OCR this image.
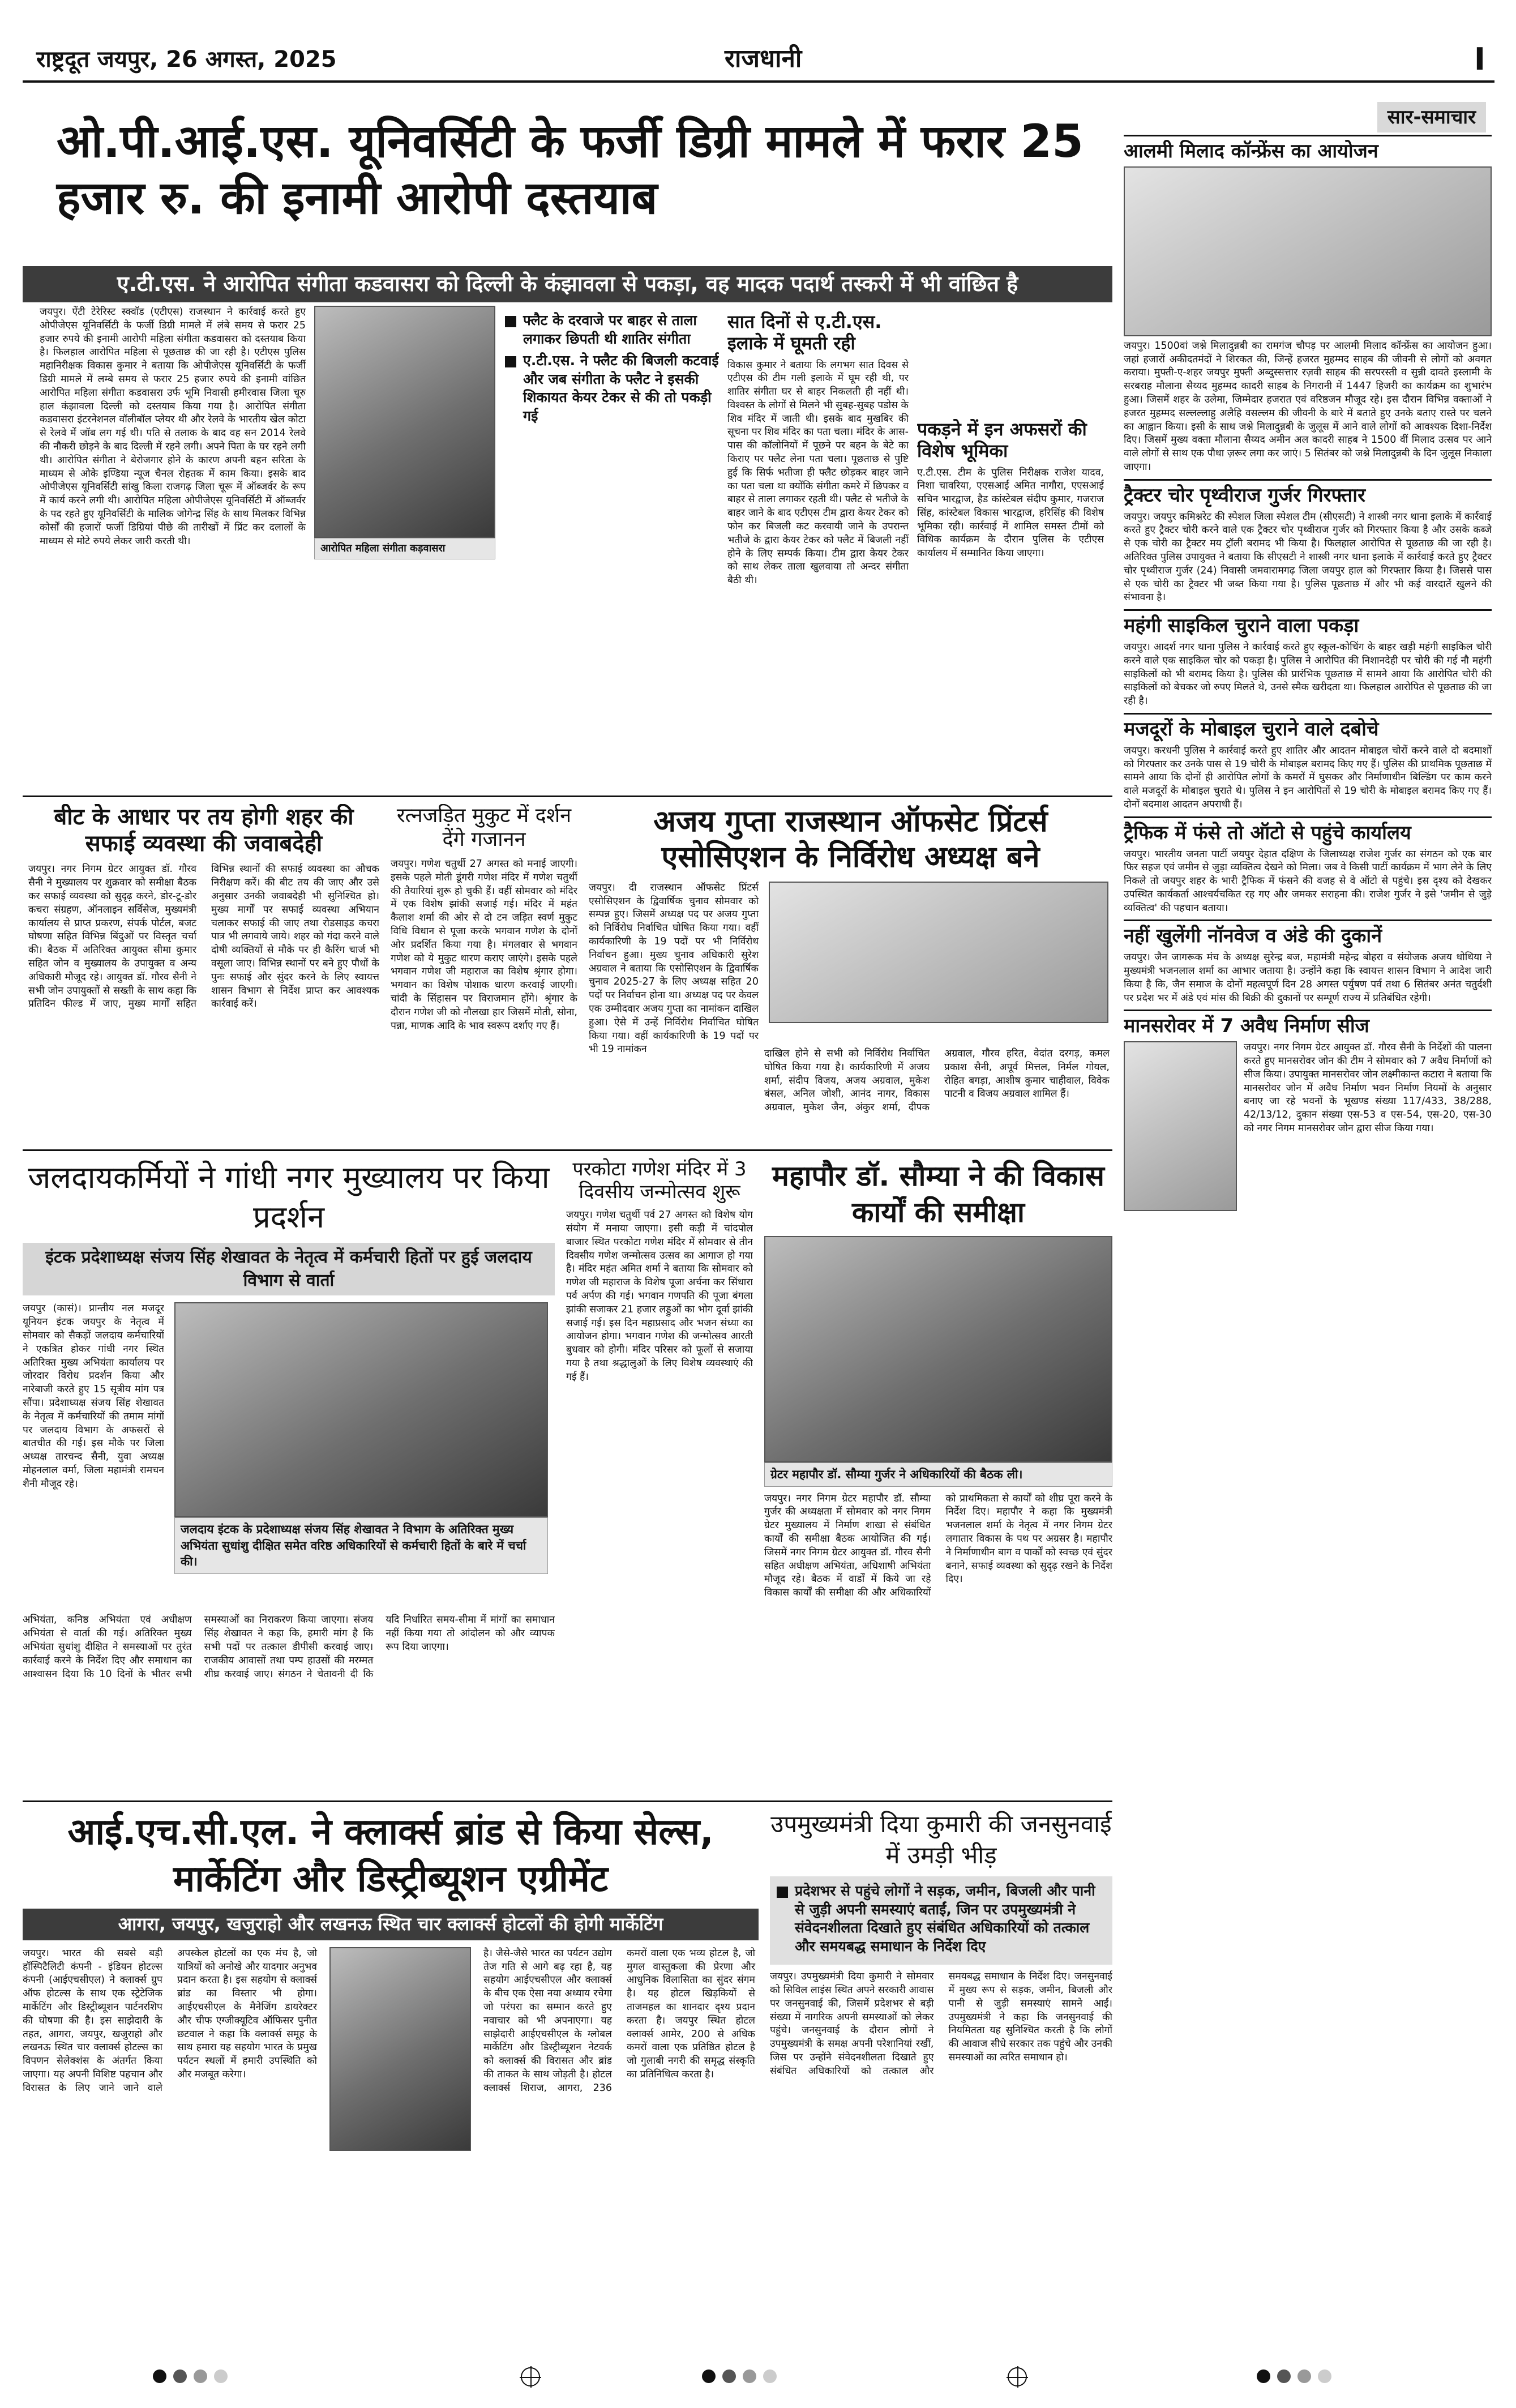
राष्ट्रदूत जयपुर, 26 अगस्त, 2025	राजधानी	I
ओ.पी.आई.एस. यूनिवर्सिटी के फर्जी डिग्री मामले में फरार 25 हजार रु. की इनामी आरोपी दस्तयाब
ए.टी.एस. ने आरोपित संगीता कडवासरा को दिल्ली के कंझावला से पकड़ा, वह मादक पदार्थ तस्करी में भी वांछित है
जयपुर। ऐंटी टेरेरिस्ट स्क्वॉड (एटीएस) राजस्थान ने कार्रवाई करते हुए ओपीजेएस यूनिवर्सिटी के फर्जी डिग्री मामले में लंबे समय से फरार 25 हजार रुपये की इनामी आरोपी महिला संगीता कडवासरा को दस्तयाब किया है। फिलहाल आरोपित महिला से पूछताछ की जा रही है। एटीएस पुलिस महानिरीक्षक विकास कुमार ने बताया कि ओपीजेएस यूनिवर्सिटी के फर्जी डिग्री मामले में लम्बे समय से फरार 25 हजार रुपये की इनामी वांछित आरोपित महिला संगीता कडवासरा उर्फ भूमि निवासी हमीरवास जिला चूरु हाल कंझावला दिल्ली को दस्तयाब किया गया है। आरोपित संगीता कडवासरा इंटरनेशनल वॉलीबॉल प्लेयर थी और रेलवे के भारतीय खेल कोटा से रेलवे में जॉब लग गई थी। पति से तलाक के बाद वह सन 2014 रेलवे की नौकरी छोड़ने के बाद दिल्ली में रहने लगी। अपने पिता के घर रहने लगी थी। आरोपित संगीता ने बेरोजगार होने के कारण अपनी बहन सरिता के माध्यम से ओके इण्डिया न्यूज चैनल रोहतक में काम किया। इसके बाद ओपीजेएस यूनिवर्सिटी सांखु किला राजगढ़ जिला चूरू में ऑब्जर्वर के रूप में कार्य करने लगी थी। आरोपित महिला ओपीजेएस यूनिवर्सिटी में ऑब्जर्वर के पद रहते हुए यूनिवर्सिटी के मालिक जोगेन्द्र सिंह के साथ मिलकर विभिन्न कोर्सों की हजारों फर्जी डिग्रियां पीछे की तारीखों में प्रिंट कर दलालों के माध्यम से मोटे रुपये लेकर जारी करती थी।
आरोपित महिला संगीता कड़वासरा
फ्लैट के दरवाजे पर बाहर से ताला लगाकर छिपती थी शातिर संगीता
ए.टी.एस. ने फ्लैट की बिजली कटवाई और जब संगीता के फ्लैट ने इसकी शिकायत केयर टेकर से की तो पकड़ी गई
सात दिनों से ए.टी.एस. इलाके में घूमती रही
विकास कुमार ने बताया कि लगभग सात दिवस से एटीएस की टीम गली इलाके में घूम रही थी, पर शातिर संगीता घर से बाहर निकलती ही नहीं थी। विश्वस्त के लोगों से मिलने भी सुबह-सुबह पडोस के शिव मंदिर में जाती थी। इसके बाद मुखबिर की सूचना पर शिव मंदिर का पता चला। मंदिर के आस-पास की कॉलोनियों में पूछने पर बहन के बेटे का किराए पर फ्लैट लेना पता चला। पूछताछ से पुष्टि हुई कि सिर्फ भतीजा ही फ्लैट छोड़कर बाहर जाने का पता चला था क्योंकि संगीता कमरे में छिपकर व बाहर से ताला लगाकर रहती थी। फ्लैट से भतीजे के बाहर जाने के बाद एटीएस टीम द्वारा केयर टेकर को फोन कर बिजली कट करवायी जाने के उपरान्त भतीजे के द्वारा केयर टेकर को फ्लैट में बिजली नहीं होने के लिए सम्पर्क किया। टीम द्वारा केयर टेकर को साथ लेकर ताला खुलवाया तो अन्दर संगीता बैठी थी।
पकड़ने में इन अफसरों की विशेष भूमिका
ए.टी.एस. टीम के पुलिस निरीक्षक राजेश यादव, निशा चावरिया, एएसआई अमित नागौरा, एएसआई सचिन भारद्वाज, हैड कांस्टेबल संदीप कुमार, गजराज सिंह, कांस्टेबल विकास भारद्वाज, हरिसिंह की विशेष भूमिका रही। कार्रवाई में शामिल समस्त टीमों को विधिक कार्यक्रम के दौरान पुलिस के एटीएस कार्यालय में सम्मानित किया जाएगा।
सार-समाचार
आलमी मिलाद कॉन्फ्रेंस का आयोजन
जयपुर। 1500वां जश्ने मिलादुन्नबी का रामगंज चौपड़ पर आलमी मिलाद कॉन्फ्रेंस का आयोजन हुआ। जहां हजारों अकीदतमंदों ने शिरकत की, जिन्हें हजरत मुहम्मद साहब की जीवनी से लोगों को अवगत कराया। मुफ्ती-ए-शहर जयपुर मुफ्ती अब्दुस्सत्तार रज़वी साहब की सरपरस्ती व सुन्नी दावते इस्लामी के सरबराह मौलाना सैय्यद मुहम्मद कादरी साहब के निगरानी में 1447 हिजरी का कार्यक्रम का शुभारंभ हुआ। जिसमें शहर के उलेमा, जिम्मेदार हजरात एवं वरिष्ठजन मौजूद रहे। इस दौरान विभिन्न वक्ताओं ने हजरत मुहम्मद सल्लल्लाहु अलैहि वसल्लम की जीवनी के बारे में बताते हुए उनके बताए रास्ते पर चलने का आह्वान किया। इसी के साथ जश्ने मिलादुन्नबी के जुलूस में आने वाले लोगों को आवश्यक दिशा-निर्देश दिए। जिसमें मुख्य वक्ता मौलाना सैय्यद अमीन अल कादरी साहब ने 1500 वीं मिलाद उत्सव पर आने वाले लोगों से साथ एक पौधा ज़रूर लगा कर जाएं। 5 सितंबर को जश्ने मिलादुन्नबी के दिन जुलूस निकाला जाएगा।
ट्रैक्टर चोर पृथ्वीराज गुर्जर गिरफ्तार
जयपुर। जयपुर कमिश्नरेट की स्पेशल जिला स्पेशल टीम (सीएसटी) ने शास्त्री नगर थाना इलाके में कार्रवाई करते हुए ट्रैक्टर चोरी करने वाले एक ट्रैक्टर चोर पृथ्वीराज गुर्जर को गिरफ्तार किया है और उसके कब्जे से एक चोरी का ट्रैक्टर मय ट्रॉली बरामद भी किया है। फिलहाल आरोपित से पूछताछ की जा रही है। अतिरिक्त पुलिस उपायुक्त ने बताया कि सीएसटी ने शास्त्री नगर थाना इलाके में कार्रवाई करते हुए ट्रैक्टर चोर पृथ्वीराज गुर्जर (24) निवासी जमवारामगढ़ जिला जयपुर हाल को गिरफ्तार किया है। जिससे पास से एक चोरी का ट्रैक्टर भी जब्त किया गया है। पुलिस पूछताछ में और भी कई वारदातें खुलने की संभावना है।
महंगी साइकिल चुराने वाला पकड़ा
जयपुर। आदर्श नगर थाना पुलिस ने कार्रवाई करते हुए स्कूल-कोचिंग के बाहर खड़ी महंगी साइकिल चोरी करने वाले एक साइकिल चोर को पकड़ा है। पुलिस ने आरोपित की निशानदेही पर चोरी की गई नौ महंगी साइकिलों को भी बरामद किया है। पुलिस की प्रारंभिक पूछताछ में सामने आया कि आरोपित चोरी की साइकिलों को बेचकर जो रुपए मिलते थे, उनसे स्मैक खरीदता था। फिलहाल आरोपित से पूछताछ की जा रही है।
मजदूरों के मोबाइल चुराने वाले दबोचे
जयपुर। करधनी पुलिस ने कार्रवाई करते हुए शातिर और आदतन मोबाइल चोरों करने वाले दो बदमाशों को गिरफ्तार कर उनके पास से 19 चोरी के मोबाइल बरामद किए गए हैं। पुलिस की प्राथमिक पूछताछ में सामने आया कि दोनों ही आरोपित लोगों के कमरों में घुसकर और निर्माणाधीन बिल्डिंग पर काम करने वाले मजदूरों के मोबाइल चुराते थे। पुलिस ने इन आरोपितों से 19 चोरी के मोबाइल बरामद किए गए हैं। दोनों बदमाश आदतन अपराधी हैं।
ट्रैफिक में फंसे तो ऑटो से पहुंचे कार्यालय
जयपुर। भारतीय जनता पार्टी जयपुर देहात दक्षिण के जिलाध्यक्ष राजेश गुर्जर का संगठन को एक बार फिर सहज एवं जमीन से जुड़ा व्यक्तित्व देखने को मिला। जब वे किसी पार्टी कार्यक्रम में भाग लेने के लिए निकले तो जयपुर शहर के भारी ट्रैफिक में फंसने की वजह से वे ऑटो से पहुंचे। इस दृश्य को देखकर उपस्थित कार्यकर्ता आश्चर्यचकित रह गए और जमकर सराहना की। राजेश गुर्जर ने इसे 'जमीन से जुड़े व्यक्तित्व' की पहचान बताया।
नहीं खुलेंगी नॉनवेज व अंडे की दुकानें
जयपुर। जैन जागरूक मंच के अध्यक्ष सुरेन्द्र बज, महामंत्री महेन्द्र बोहरा व संयोजक अजय धोधिया ने मुख्यमंत्री भजनलाल शर्मा का आभार जताया है। उन्होंने कहा कि स्वायत्त शासन विभाग ने आदेश जारी किया है कि, जैन समाज के दोनों महत्वपूर्ण दिन 28 अगस्त पर्युषण पर्व तथा 6 सितंबर अनंत चतुर्दशी पर प्रदेश भर में अंडे एवं मांस की बिक्री की दुकानों पर सम्पूर्ण राज्य में प्रतिबंधित रहेगी।
मानसरोवर में 7 अवैध निर्माण सीज
जयपुर। नगर निगम ग्रेटर आयुक्त डॉ. गौरव सैनी के निर्देशों की पालना करते हुए मानसरोवर जोन की टीम ने सोमवार को 7 अवैध निर्माणों को सीज किया। उपायुक्त मानसरोवर जोन लक्ष्मीकान्त कटारा ने बताया कि मानसरोवर जोन में अवैध निर्माण भवन निर्माण नियमों के अनुसार बनाए जा रहे भवनों के भूखण्ड संख्या 117/433, 38/288, 42/13/12, दुकान संख्या एस-53 व एस-54, एस-20, एस-30 को नगर निगम मानसरोवर जोन द्वारा सीज किया गया।
बीट के आधार पर तय होगी शहर की सफाई व्यवस्था की जवाबदेही
जयपुर। नगर निगम ग्रेटर आयुक्त डॉ. गौरव सैनी ने मुख्यालय पर शुक्रवार को समीक्षा बैठक कर सफाई व्यवस्था को सुदृढ़ करने, डोर-टू-डोर कचरा संग्रहण, ऑनलाइन सर्विसेज, मुख्यमंत्री कार्यालय से प्राप्त प्रकरण, संपर्क पोर्टल, बजट घोषणा सहित विभिन्न बिंदुओं पर विस्तृत चर्चा की। बैठक में अतिरिक्त आयुक्त सीमा कुमार सहित जोन व मुख्यालय के उपायुक्त व अन्य अधिकारी मौजूद रहे। आयुक्त डॉ. गौरव सैनी ने सभी जोन उपायुक्तों से सख्ती के साथ कहा कि प्रतिदिन फील्ड में जाए, मुख्य मार्गों सहित विभिन्न स्थानों की सफाई व्यवस्था का औचक निरीक्षण करें। की बीट तय की जाए और उसे अनुसार उनकी जवाबदेही भी सुनिश्चित हो। मुख्य मार्गों पर सफाई व्यवस्था अभियान चलाकर सफाई की जाए तथा रोडसाइड कचरा पात्र भी लगवाये जाये। शहर को गंदा करने वाले दोषी व्यक्तियों से मौके पर ही कैरिंग चार्ज भी वसूला जाए। विभिन्न स्थानों पर बने हुए पौधों के पुनः सफाई और सुंदर करने के लिए स्वायत्त शासन विभाग से निर्देश प्राप्त कर आवश्यक कार्रवाई करें।
रत्नजड़ित मुकुट में दर्शन देंगे गजानन
जयपुर। गणेश चतुर्थी 27 अगस्त को मनाई जाएगी। इसके पहले मोती डूंगरी गणेश मंदिर में गणेश चतुर्थी की तैयारियां शुरू हो चुकी हैं। वहीं सोमवार को मंदिर में एक विशेष झांकी सजाई गई। मंदिर में महंत कैलाश शर्मा की ओर से दो टन जड़ित स्वर्ण मुकुट विधि विधान से पूजा करके भगवान गणेश के दोनों ओर प्रदर्शित किया गया है। मंगलवार से भगवान गणेश को ये मुकुट धारण कराए जाएंगे। इसके पहले भगवान गणेश जी महाराज का विशेष श्रृंगार होगा। भगवान का विशेष पोशाक धारण करवाई जाएगी। चांदी के सिंहासन पर विराजमान होंगे। श्रृंगार के दौरान गणेश जी को नौलखा हार जिसमें मोती, सोना, पन्ना, माणक आदि के भाव स्वरूप दर्शाए गए हैं।
अजय गुप्ता राजस्थान ऑफसेट प्रिंटर्स एसोसिएशन के निर्विरोध अध्यक्ष बने
जयपुर। दी राजस्थान ऑफसेट प्रिंटर्स एसोसिएशन के द्विवार्षिक चुनाव सोमवार को सम्पन्न हुए। जिसमें अध्यक्ष पद पर अजय गुप्ता को निर्विरोध निर्वाचित घोषित किया गया। वहीं कार्यकारिणी के 19 पदों पर भी निर्विरोध निर्वाचन हुआ। मुख्य चुनाव अधिकारी सुरेश अग्रवाल ने बताया कि एसोसिएशन के द्विवार्षिक चुनाव 2025-27 के लिए अध्यक्ष सहित 20 पदों पर निर्वाचन होना था। अध्यक्ष पद पर केवल एक उम्मीदवार अजय गुप्ता का नामांकन दाखिल हुआ। ऐसे में उन्हें निर्विरोध निर्वाचित घोषित किया गया। वहीं कार्यकारिणी के 19 पदों पर भी 19 नामांकन	दाखिल होने से सभी को निर्विरोध निर्वाचित घोषित किया गया है। कार्यकारिणी में अजय शर्मा, संदीप विजय, अजय अग्रवाल, मुकेश बंसल, अनिल जोशी, आनंद नागर, विकास अग्रवाल, मुकेश जैन, अंकुर शर्मा, दीपक अग्रवाल, गौरव हरित, वेदांत दरगड़, कमल प्रकाश सैनी, अपूर्व मित्तल, निर्मल गोयल, रोहित बगड़ा, आशीष कुमार चाहीवाल, विवेक पाटनी व विजय अग्रवाल शामिल हैं।
जलदायकर्मियों ने गांधी नगर मुख्यालय पर किया प्रदर्शन
इंटक प्रदेशाध्यक्ष संजय सिंह शेखावत के नेतृत्व में कर्मचारी हितों पर हुई जलदाय विभाग से वार्ता
जयपुर (कासं)। प्रान्तीय नल मजदूर यूनियन इंटक जयपुर के नेतृत्व में सोमवार को सैकड़ों जलदाय कर्मचारियों ने एकत्रित होकर गांधी नगर स्थित अतिरिक्त मुख्य अभियंता कार्यालय पर जोरदार विरोध प्रदर्शन किया और नारेबाजी करते हुए 15 सूत्रीय मांग पत्र सौंपा। प्रदेशाध्यक्ष संजय सिंह शेखावत के नेतृत्व में कर्मचारियों की तमाम मांगों पर जलदाय विभाग के अफसरों से बातचीत की गई। इस मौके पर जिला अध्यक्ष तारचन्द सैनी, युवा अध्यक्ष मोहनलाल वर्मा, जिला महामंत्री रामचन शैनी मौजूद रहे।
जलदाय इंटक के प्रदेशाध्यक्ष संजय सिंह शेखावत ने विभाग के अतिरिक्त मुख्य अभियंता सुधांशु दीक्षित समेत वरिष्ठ अधिकारियों से कर्मचारी हितों के बारे में चर्चा की।
अभियंता, कनिष्ठ अभियंता एवं अधीक्षण अभियंता से वार्ता की गई। अतिरिक्त मुख्य अभियंता सुधांशु दीक्षित ने समस्याओं पर तुरंत कार्रवाई करने के निर्देश दिए और समाधान का आश्वासन दिया कि 10 दिनों के भीतर सभी समस्याओं का निराकरण किया जाएगा। संजय सिंह शेखावत ने कहा कि, हमारी मांग है कि सभी पदों पर तत्काल डीपीसी करवाई जाए। राजकीय आवासों तथा पम्प हाउसों की मरम्मत शीघ्र करवाई जाए। संगठन ने चेतावनी दी कि यदि निर्धारित समय-सीमा में मांगों का समाधान नहीं किया गया तो आंदोलन को और व्यापक रूप दिया जाएगा।
परकोटा गणेश मंदिर में 3 दिवसीय जन्मोत्सव शुरू
जयपुर। गणेश चतुर्थी पर्व 27 अगस्त को विशेष योग संयोग में मनाया जाएगा। इसी कड़ी में चांदपोल बाजार स्थित परकोटा गणेश मंदिर में सोमवार से तीन दिवसीय गणेश जन्मोत्सव उत्सव का आगाज हो गया है। मंदिर महंत अमित शर्मा ने बताया कि सोमवार को गणेश जी महाराज के विशेष पूजा अर्चना कर सिंधारा पर्व अर्पण की गई। भगवान गणपति की पूजा बंगला झांकी सजाकर 21 हजार लड्डुओं का भोग दूर्वा झांकी सजाई गई। इस दिन महाप्रसाद और भजन संध्या का आयोजन होगा। भगवान गणेश की जन्मोत्सव आरती बुधवार को होगी। मंदिर परिसर को फूलों से सजाया गया है तथा श्रद्धालुओं के लिए विशेष व्यवस्थाएं की गई हैं।
महापौर डॉ. सौम्या ने की विकास कार्यों की समीक्षा
ग्रेटर महापौर डॉ. सौम्या गुर्जर ने अधिकारियों की बैठक ली।
जयपुर। नगर निगम ग्रेटर महापौर डॉ. सौम्या गुर्जर की अध्यक्षता में सोमवार को नगर निगम ग्रेटर मुख्यालय में निर्माण शाखा से संबंधित कार्यों की समीक्षा बैठक आयोजित की गई। जिसमें नगर निगम ग्रेटर आयुक्त डॉ. गौरव सैनी सहित अधीक्षण अभियंता, अधिशाषी अभियंता मौजूद रहे। बैठक में वार्डों में किये जा रहे विकास कार्यों की समीक्षा की और अधिकारियों को प्राथमिकता से कार्यों को शीघ्र पूरा करने के निर्देश दिए। महापौर ने कहा कि मुख्यमंत्री भजनलाल शर्मा के नेतृत्व में नगर निगम ग्रेटर लगातार विकास के पथ पर अग्रसर है। महापौर ने निर्माणाधीन बाग व पार्कों को स्वच्छ एवं सुंदर बनाने, सफाई व्यवस्था को सुदृढ़ रखने के निर्देश दिए।
आई.एच.सी.एल. ने क्लार्क्स ब्रांड से किया सेल्स, मार्केटिंग और डिस्ट्रीब्यूशन एग्रीमेंट
आगरा, जयपुर, खजुराहो और लखनऊ स्थित चार क्लार्क्स होटलों की होगी मार्केटिंग
जयपुर। भारत की सबसे बड़ी हॉस्पिटैलिटी कंपनी - इंडियन होटल्स कंपनी (आईएचसीएल) ने क्लार्क्स ग्रुप ऑफ होटल्स के साथ एक स्ट्रेटेजिक मार्केटिंग और डिस्ट्रीब्यूशन पार्टनरशिप की घोषणा की है। इस साझेदारी के तहत, आगरा, जयपुर, खजुराहो और लखनऊ स्थित चार क्लार्क्स होटल्स का विपणन सेलेक्शंस के अंतर्गत किया जाएगा। यह अपनी विशिष्ट पहचान और विरासत के लिए जाने जाने वाले अपस्केल होटलों का एक मंच है, जो यात्रियों को अनोखे और यादगार अनुभव प्रदान करता है। इस सहयोग से क्लार्क्स ब्रांड का विस्तार भी होगा। आईएचसीएल के मैनेजिंग डायरेक्टर और चीफ एग्जीक्यूटिव ऑफिसर पुनीत छटवाल ने कहा कि क्लार्क्स समूह के साथ हमारा यह सहयोग भारत के प्रमुख पर्यटन स्थलों में हमारी उपस्थिति को और मजबूत करेगा।
है। जैसे-जैसे भारत का पर्यटन उद्योग तेज गति से आगे बढ़ रहा है, यह सहयोग आईएचसीएल और क्लार्क्स के बीच एक ऐसा नया अध्याय रचेगा जो परंपरा का सम्मान करते हुए नवाचार को भी अपनाएगा। यह साझेदारी आईएचसीएल के ग्लोबल मार्केटिंग और डिस्ट्रीब्यूशन नेटवर्क को क्लार्क्स की विरासत और ब्रांड की ताकत के साथ जोड़ती है। होटल क्लार्क्स शिराज, आगरा, 236 कमरों वाला एक भव्य होटल है, जो मुगल वास्तुकला की प्रेरणा और आधुनिक विलासिता का सुंदर संगम है। यह होटल खिड़कियों से ताजमहल का शानदार दृश्य प्रदान करता है। जयपुर स्थित होटल क्लार्क्स आमेर, 200 से अधिक कमरों वाला एक प्रतिष्ठित होटल है जो गुलाबी नगरी की समृद्ध संस्कृति का प्रतिनिधित्व करता है।
उपमुख्यमंत्री दिया कुमारी की जनसुनवाई में उमड़ी भीड़
प्रदेशभर से पहुंचे लोगों ने सड़क, जमीन, बिजली और पानी से जुड़ी अपनी समस्याएं बताईं, जिन पर उपमुख्यमंत्री ने संवेदनशीलता दिखाते हुए संबंधित अधिकारियों को तत्काल और समयबद्ध समाधान के निर्देश दिए
जयपुर। उपमुख्यमंत्री दिया कुमारी ने सोमवार को सिविल लाइंस स्थित अपने सरकारी आवास पर जनसुनवाई की, जिसमें प्रदेशभर से बड़ी संख्या में नागरिक अपनी समस्याओं को लेकर पहुंचे। जनसुनवाई के दौरान लोगों ने उपमुख्यमंत्री के समक्ष अपनी परेशानियां रखीं, जिस पर उन्होंने संवेदनशीलता दिखाते हुए संबंधित अधिकारियों को तत्काल और समयबद्ध समाधान के निर्देश दिए। जनसुनवाई में मुख्य रूप से सड़क, जमीन, बिजली और पानी से जुड़ी समस्याएं सामने आईं। उपमुख्यमंत्री ने कहा कि जनसुनवाई की नियमितता यह सुनिश्चित करती है कि लोगों की आवाज सीधे सरकार तक पहुंचे और उनकी समस्याओं का त्वरित समाधान हो।
